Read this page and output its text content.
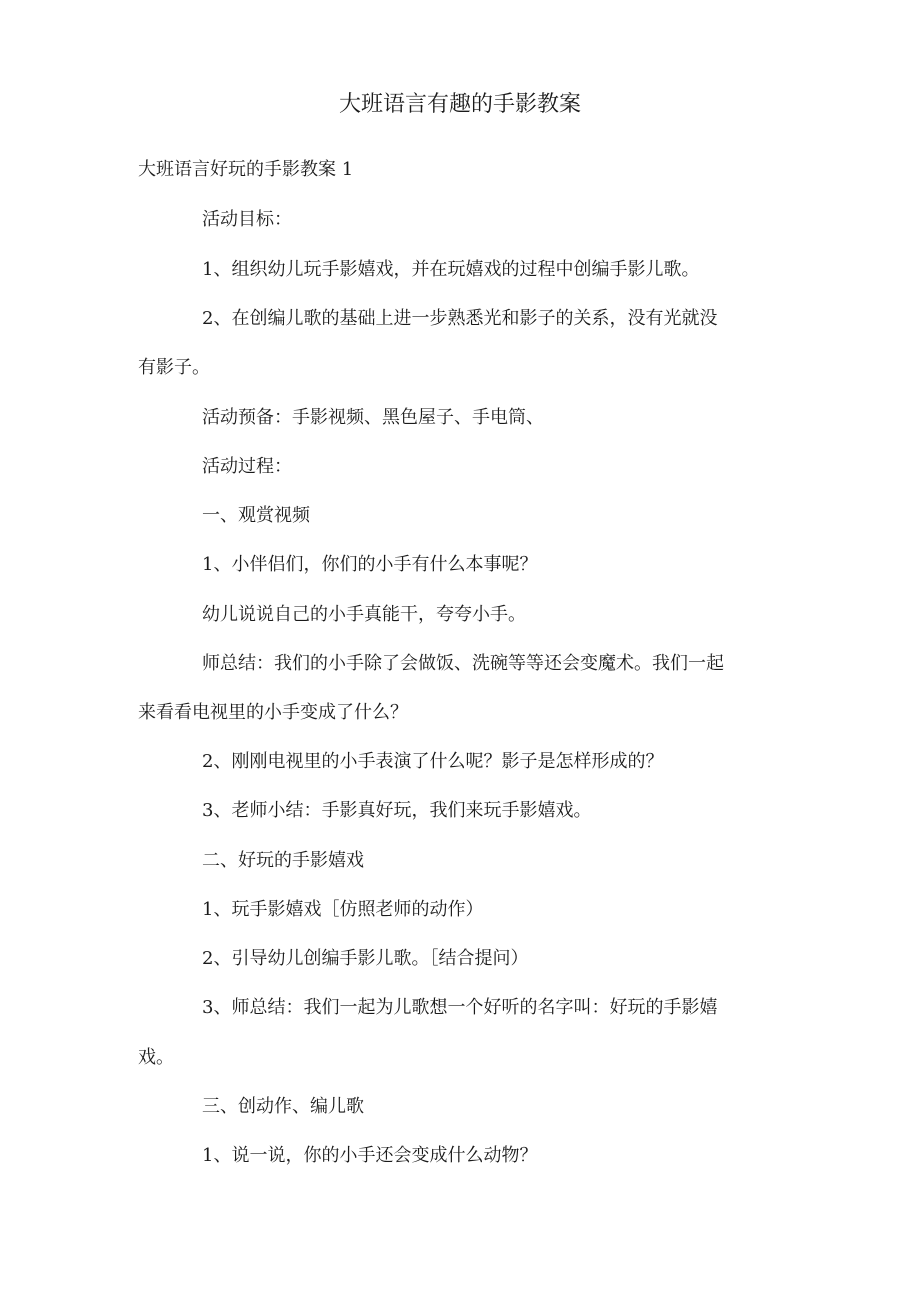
大班语言有趣的手影教案
大班语言好玩的手影教案 1
活动目标：
1、组织幼儿玩手影嬉戏，并在玩嬉戏的过程中创编手影儿歌。
2、在创编儿歌的基础上进一步熟悉光和影子的关系，没有光就没
有影子。
活动预备：手影视频、黑色屋子、手电筒、
活动过程：
一、观赏视频
1、小伴侣们，你们的小手有什么本事呢？
幼儿说说自己的小手真能干，夸夸小手。
师总结：我们的小手除了会做饭、洗碗等等还会变魔术。我们一起
来看看电视里的小手变成了什么？
2、刚刚电视里的小手表演了什么呢？影子是怎样形成的？
3、老师小结：手影真好玩，我们来玩手影嬉戏。
二、好玩的手影嬉戏
1、玩手影嬉戏［仿照老师的动作）
2、引导幼儿创编手影儿歌。［结合提问）
3、师总结：我们一起为儿歌想一个好听的名字叫：好玩的手影嬉
戏。
三、创动作、编儿歌
1、说一说，你的小手还会变成什么动物？
